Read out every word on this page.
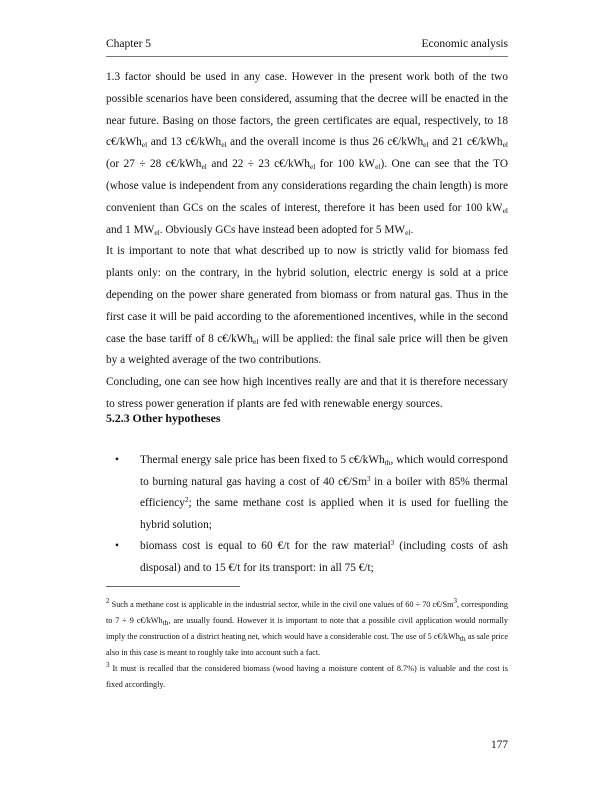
Chapter 5	Economic analysis

1.3 factor should be used in any case. However in the present work both of the two possible scenarios have been considered, assuming that the decree will be enacted in the near future. Basing on those factors, the green certificates are equal, respectively, to 18 c€/kWh$_{el}$ and 13 c€/kWh$_{el}$ and the overall income is thus 26 c€/kWh$_{el}$ and 21 c€/kWh$_{el}$ (or 27 ÷ 28 c€/kWh$_{el}$ and 22 ÷ 23 c€/kWh$_{el}$ for 100 $kW_{el}$). One can see that the TO (whose value is independent from any considerations regarding the chain length) is more convenient than GCs on the scales of interest, therefore it has been used for 100 $kW_{el}$ and 1 $MW_{el}$. Obviously GCs have instead been adopted for 5 $MW_{el}$.

It is important to note that what described up to now is strictly valid for biomass fed plants only: on the contrary, in the hybrid solution, electric energy is sold at a price depending on the power share generated from biomass or from natural gas. Thus in the first case it will be paid according to the aforementioned incentives, while in the second case the base tariff of 8 c€/kWh$_{el}$ will be applied: the final sale price will then be given by a weighted average of the two contributions.

Concluding, one can see how high incentives really are and that it is therefore necessary to stress power generation if plants are fed with renewable energy sources.

5.2.3 Other hypotheses
• Thermal energy sale price has been fixed to 5 c€/kWh$_{th}$, which would correspond to burning natural gas having a cost of 40 c€/Sm$^3$ in a boiler with 85% thermal efficiency$^2$; the same methane cost is applied when it is used for fuelling the hybrid solution;
• biomass cost is equal to 60 €/t for the raw material$^3$ (including costs of ash disposal) and to 15 €/t for its transport: in all 75 €/t;

$^2$ Such a methane cost is applicable in the industrial sector, while in the civil one values of 60 ÷ 70 c€/Sm$^3$, corresponding to 7 ÷ 9 c€/kWh$_{th}$, are usually found. However it is important to note that a possible civil application would normally imply the construction of a district heating net, which would have a considerable cost. The use of 5 c€/kWh$_{th}$ as sale price also in this case is meant to roughly take into account such a fact.

$^3$ It must is recalled that the considered biomass (wood having a moisture content of 8.7%) is valuable and the cost is fixed accordingly.

177
